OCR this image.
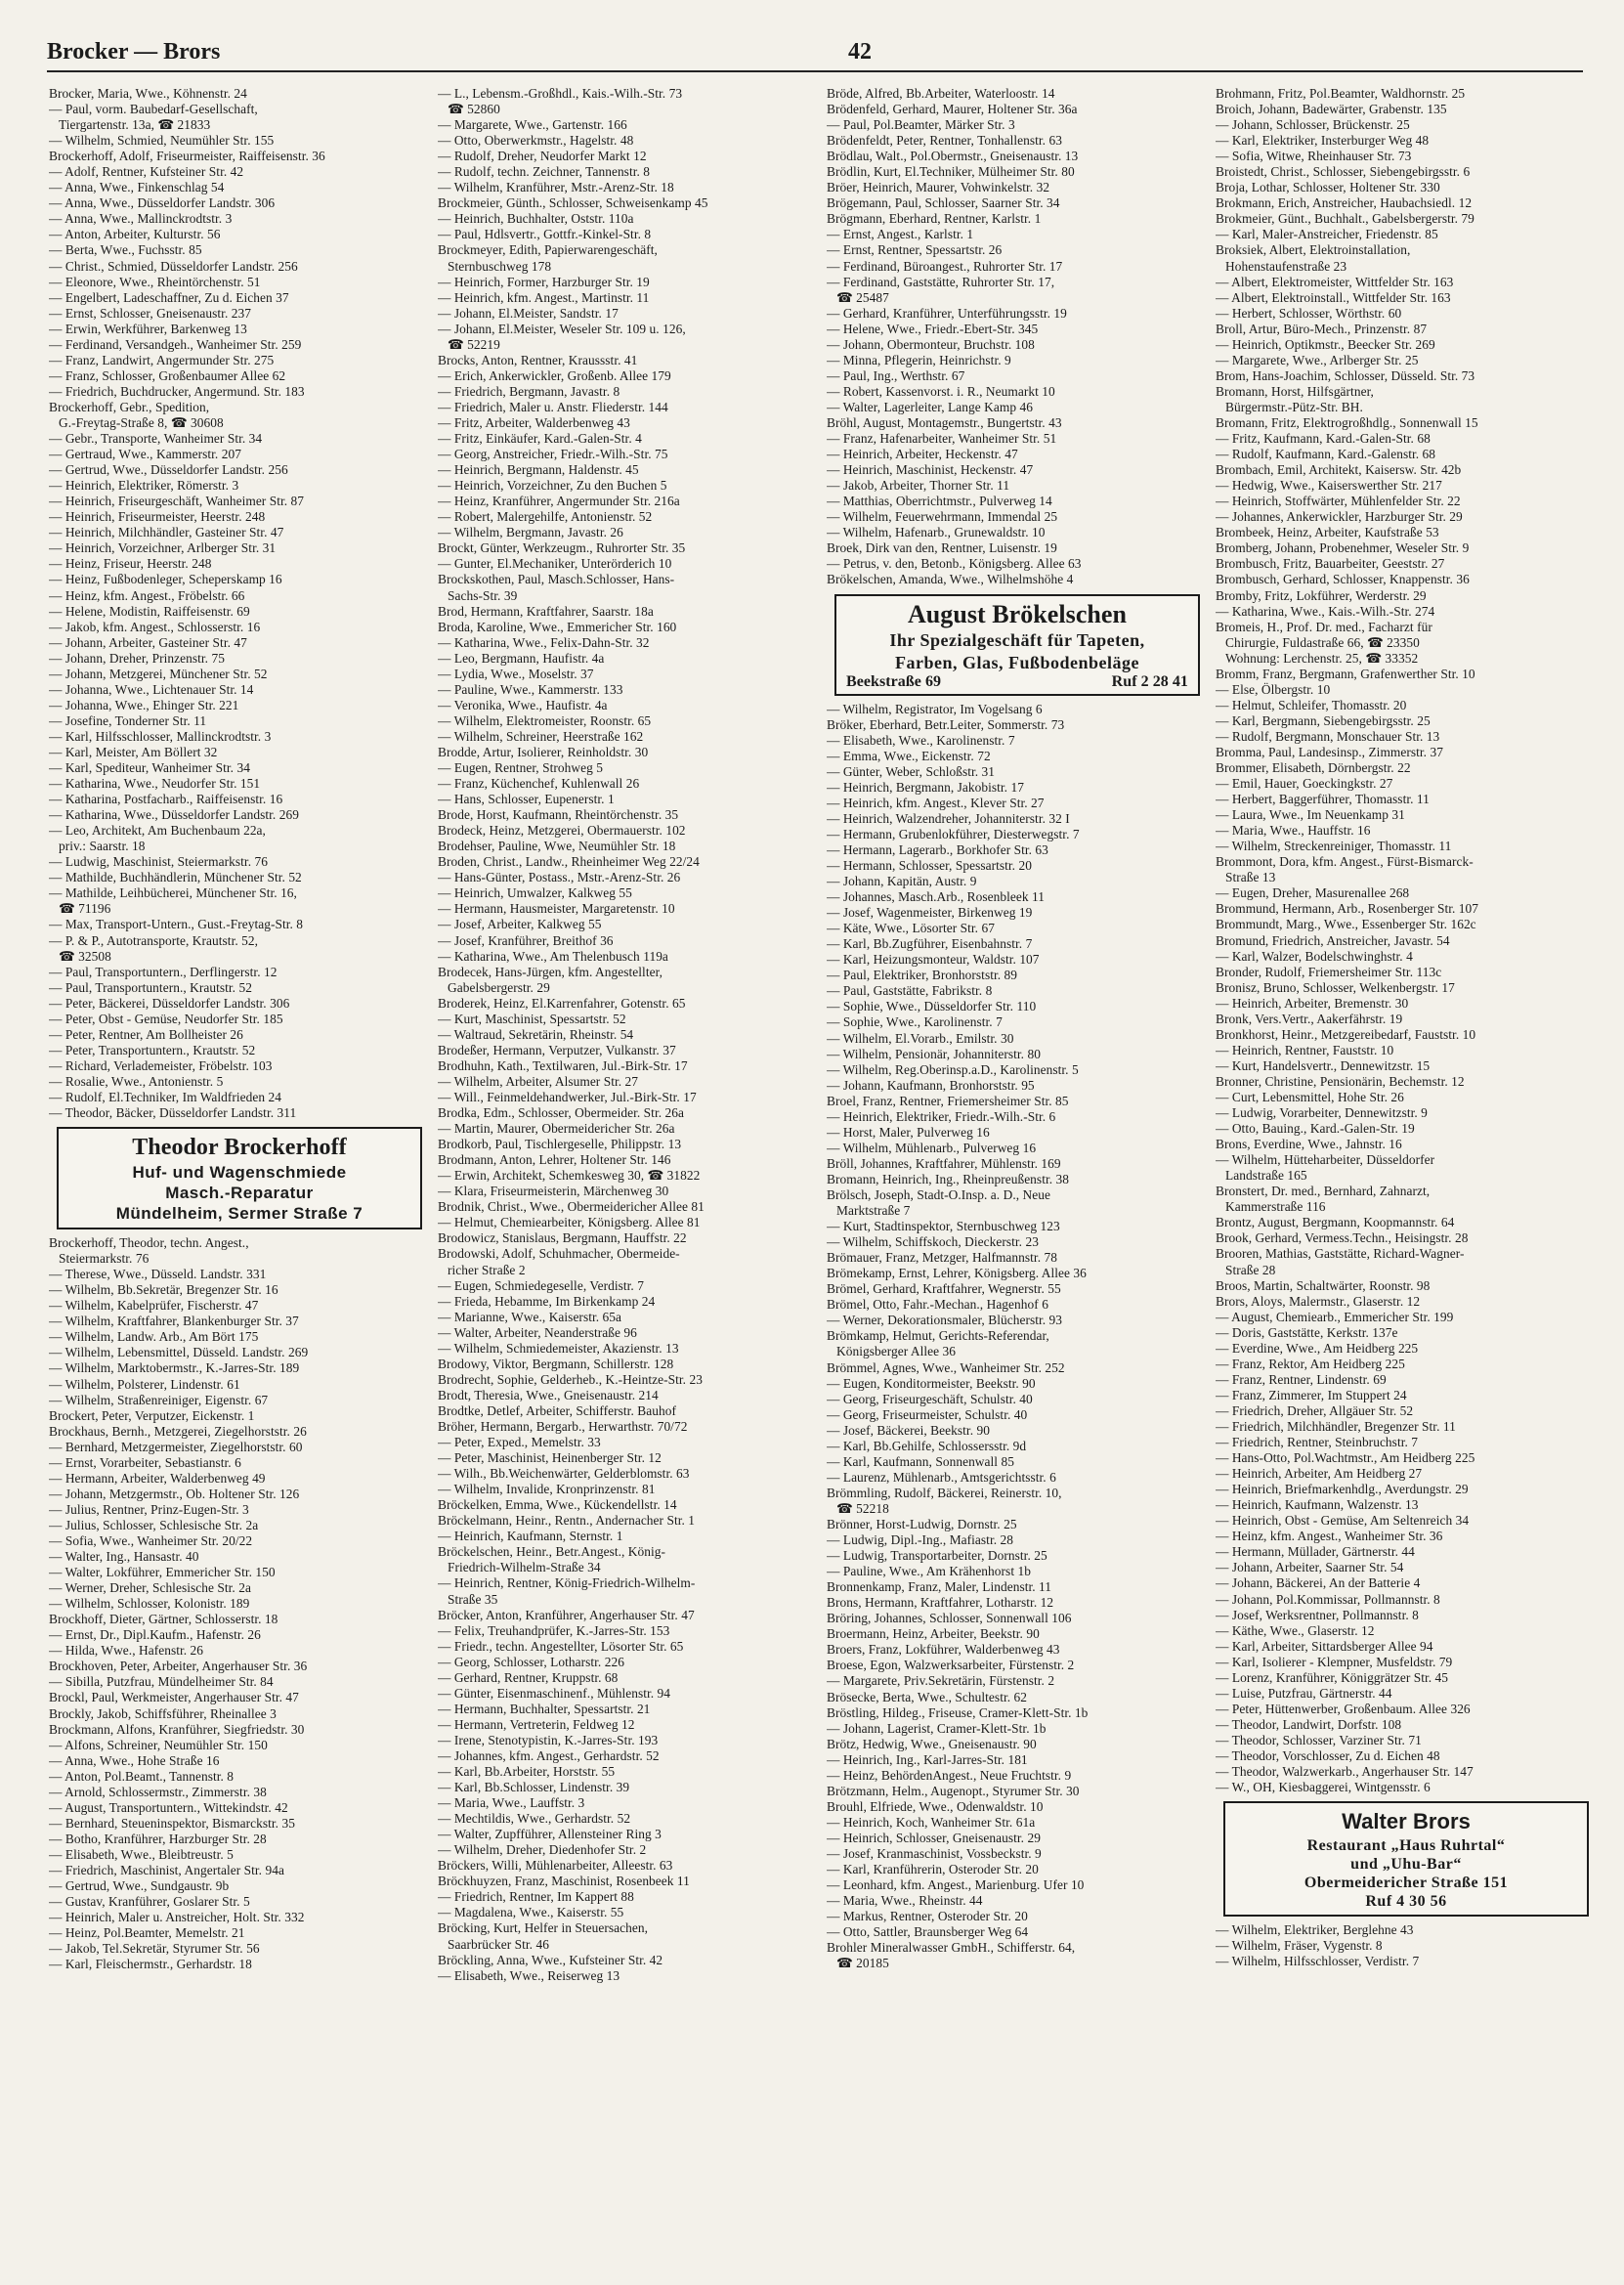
Brocker — Brors	42
Brocker, Maria, Wwe., Köhnenstr. 24
— Paul, vorm. Baubedarf-Gesellschaft,
Tiergartenstr. 13a, ☎ 21833
— Wilhelm, Schmied, Neumühler Str. 155
Brockerhoff, Adolf, Friseurmeister, Raiffeisenstr. 36
— Adolf, Rentner, Kufsteiner Str. 42
— Anna, Wwe., Finkenschlag 54
— Anna, Wwe., Düsseldorfer Landstr. 306
— Anna, Wwe., Mallinckrodtstr. 3
— Anton, Arbeiter, Kulturstr. 56
— Berta, Wwe., Fuchsstr. 85
— Christ., Schmied, Düsseldorfer Landstr. 256
— Eleonore, Wwe., Rheintörchenstr. 51
— Engelbert, Ladeschaffner, Zu d. Eichen 37
— Ernst, Schlosser, Gneisenaustr. 237
— Erwin, Werkführer, Barkenweg 13
— Ferdinand, Versandgeh., Wanheimer Str. 259
— Franz, Landwirt, Angermunder Str. 275
— Franz, Schlosser, Großenbaumer Allee 62
— Friedrich, Buchdrucker, Angermund. Str. 183
Brockerhoff, Gebr., Spedition,
G.-Freytag-Straße 8, ☎ 30608
— Gebr., Transporte, Wanheimer Str. 34
— Gertraud, Wwe., Kammerstr. 207
— Gertrud, Wwe., Düsseldorfer Landstr. 256
— Heinrich, Elektriker, Römerstr. 3
— Heinrich, Friseurgeschäft, Wanheimer Str. 87
— Heinrich, Friseurmeister, Heerstr. 248
— Heinrich, Milchhändler, Gasteiner Str. 47
— Heinrich, Vorzeichner, Arlberger Str. 31
— Heinz, Friseur, Heerstr. 248
— Heinz, Fußbodenleger, Scheperskamp 16
— Heinz, kfm. Angest., Fröbelstr. 66
— Helene, Modistin, Raiffeisenstr. 69
— Jakob, kfm. Angest., Schlosserstr. 16
— Johann, Arbeiter, Gasteiner Str. 47
— Johann, Dreher, Prinzenstr. 75
— Johann, Metzgerei, Münchener Str. 52
— Johanna, Wwe., Lichtenauer Str. 14
— Johanna, Wwe., Ehinger Str. 221
— Josefine, Tonderner Str. 11
— Karl, Hilfsschlosser, Mallinckrodtstr. 3
— Karl, Meister, Am Böllert 32
— Karl, Spediteur, Wanheimer Str. 34
— Katharina, Wwe., Neudorfer Str. 151
— Katharina, Postfacharb., Raiffeisenstr. 16
— Katharina, Wwe., Düsseldorfer Landstr. 269
— Leo, Architekt, Am Buchenbaum 22a,
priv.: Saarstr. 18
— Ludwig, Maschinist, Steiermarkstr. 76
— Mathilde, Buchhändlerin, Münchener Str. 52
— Mathilde, Leihbücherei, Münchener Str. 16,
☎ 71196
— Max, Transport-Untern., Gust.-Freytag-Str. 8
— P. & P., Autotransporte, Krautstr. 52,
☎ 32508
— Paul, Transportuntern., Derflingerstr. 12
— Paul, Transportuntern., Krautstr. 52
— Peter, Bäckerei, Düsseldorfer Landstr. 306
— Peter, Obst - Gemüse, Neudorfer Str. 185
— Peter, Rentner, Am Bollheister 26
— Peter, Transportuntern., Krautstr. 52
— Richard, Verlademeister, Fröbelstr. 103
— Rosalie, Wwe., Antonienstr. 5
— Rudolf, El.Techniker, Im Waldfrieden 24
— Theodor, Bäcker, Düsseldorfer Landstr. 311
Theodor Brockerhoff
Huf- und Wagenschmiede
Masch.-Reparatur
Mündelheim, Sermer Straße 7
Brockerhoff, Theodor, techn. Angest.,
Steiermarkstr. 76
— Therese, Wwe., Düsseld. Landstr. 331
— Wilhelm, Bb.Sekretär, Bregenzer Str. 16
— Wilhelm, Kabelprüfer, Fischerstr. 47
— Wilhelm, Kraftfahrer, Blankenburger Str. 37
— Wilhelm, Landw. Arb., Am Bört 175
— Wilhelm, Lebensmittel, Düsseld. Landstr. 269
— Wilhelm, Marktobermstr., K.-Jarres-Str. 189
— Wilhelm, Polsterer, Lindenstr. 61
— Wilhelm, Straßenreiniger, Eigenstr. 67
Brockert, Peter, Verputzer, Eickenstr. 1
Brockhaus, Bernh., Metzgerei, Ziegelhorststr. 26
— Bernhard, Metzgermeister, Ziegelhorststr. 60
— Ernst, Vorarbeiter, Sebastianstr. 6
— Hermann, Arbeiter, Walderbenweg 49
— Johann, Metzgermstr., Ob. Holtener Str. 126
— Julius, Rentner, Prinz-Eugen-Str. 3
— Julius, Schlosser, Schlesische Str. 2a
— Sofia, Wwe., Wanheimer Str. 20/22
— Walter, Ing., Hansastr. 40
— Walter, Lokführer, Emmericher Str. 150
— Werner, Dreher, Schlesische Str. 2a
— Wilhelm, Schlosser, Kolonistr. 189
Brockhoff, Dieter, Gärtner, Schlosserstr. 18
— Ernst, Dr., Dipl.Kaufm., Hafenstr. 26
— Hilda, Wwe., Hafenstr. 26
Brockhoven, Peter, Arbeiter, Angerhauser Str. 36
— Sibilla, Putzfrau, Mündelheimer Str. 84
Brockl, Paul, Werkmeister, Angerhauser Str. 47
Brockly, Jakob, Schiffsführer, Rheinallee 3
Brockmann, Alfons, Kranführer, Siegfriedstr. 30
— Alfons, Schreiner, Neumühler Str. 150
— Anna, Wwe., Hohe Straße 16
— Anton, Pol.Beamt., Tannenstr. 8
— Arnold, Schlossermstr., Zimmerstr. 38
— August, Transportuntern., Wittekindstr. 42
— Bernhard, Steueninspektor, Bismarckstr. 35
— Botho, Kranführer, Harzburger Str. 28
— Elisabeth, Wwe., Bleibtreustr. 5
— Friedrich, Maschinist, Angertaler Str. 94a
— Gertrud, Wwe., Sundgaustr. 9b
— Gustav, Kranführer, Goslarer Str. 5
— Heinrich, Maler u. Anstreicher, Holt. Str. 332
— Heinz, Pol.Beamter, Memelstr. 21
— Jakob, Tel.Sekretär, Styrumer Str. 56
— Karl, Fleischermstr., Gerhardstr. 18
— L., Lebensm.-Großhdl., Kais.-Wilh.-Str. 73
☎ 52860
— Margarete, Wwe., Gartenstr. 166
— Otto, Oberwerkmstr., Hagelstr. 48
— Rudolf, Dreher, Neudorfer Markt 12
— Rudolf, techn. Zeichner, Tannenstr. 8
— Wilhelm, Kranführer, Mstr.-Arenz-Str. 18
Brockmeier, Günth., Schlosser, Schweisenkamp 45
— Heinrich, Buchhalter, Oststr. 110a
— Paul, Hdlsvertr., Gottfr.-Kinkel-Str. 8
Brockmeyer, Edith, Papierwarengeschäft,
Sternbuschweg 178
— Heinrich, Former, Harzburger Str. 19
— Heinrich, kfm. Angest., Martinstr. 11
— Johann, El.Meister, Sandstr. 17
— Johann, El.Meister, Weseler Str. 109 u. 126,
☎ 52219
Brocks, Anton, Rentner, Kraussstr. 41
— Erich, Ankerwickler, Großenb. Allee 179
— Friedrich, Bergmann, Javastr. 8
— Friedrich, Maler u. Anstr. Fliederstr. 144
— Fritz, Arbeiter, Walderbenweg 43
— Fritz, Einkäufer, Kard.-Galen-Str. 4
— Georg, Anstreicher, Friedr.-Wilh.-Str. 75
— Heinrich, Bergmann, Haldenstr. 45
— Heinrich, Vorzeichner, Zu den Buchen 5
— Heinz, Kranführer, Angermunder Str. 216a
— Robert, Malergehilfe, Antonienstr. 52
— Wilhelm, Bergmann, Javastr. 26
Brockt, Günter, Werkzeugm., Ruhrorter Str. 35
— Gunter, El.Mechaniker, Unterörderich 10
Brockskothen, Paul, Masch.Schlosser, Hans-
Sachs-Str. 39
Brod, Hermann, Kraftfahrer, Saarstr. 18a
Broda, Karoline, Wwe., Emmericher Str. 160
— Katharina, Wwe., Felix-Dahn-Str. 32
— Leo, Bergmann, Haufistr. 4a
— Lydia, Wwe., Moselstr. 37
— Pauline, Wwe., Kammerstr. 133
— Veronika, Wwe., Haufistr. 4a
— Wilhelm, Elektromeister, Roonstr. 65
— Wilhelm, Schreiner, Heerstraße 162
Brodde, Artur, Isolierer, Reinholdstr. 30
— Eugen, Rentner, Strohweg 5
— Franz, Küchenchef, Kuhlenwall 26
— Hans, Schlosser, Eupenerstr. 1
Brode, Horst, Kaufmann, Rheintörchenstr. 35
Brodeck, Heinz, Metzgerei, Obermauerstr. 102
Brodehser, Pauline, Wwe, Neumühler Str. 18
Broden, Christ., Landw., Rheinheimer Weg 22/24
— Hans-Günter, Postass., Mstr.-Arenz-Str. 26
— Heinrich, Umwalzer, Kalkweg 55
— Hermann, Hausmeister, Margaretenstr. 10
— Josef, Arbeiter, Kalkweg 55
— Josef, Kranführer, Breithof 36
— Katharina, Wwe., Am Thelenbusch 119a
Brodecek, Hans-Jürgen, kfm. Angestellter,
Gabelsbergerstr. 29
Broderek, Heinz, El.Karrenfahrer, Gotenstr. 65
— Kurt, Maschinist, Spessartstr. 52
— Waltraud, Sekretärin, Rheinstr. 54
Brodeßer, Hermann, Verputzer, Vulkanstr. 37
Brodhuhn, Kath., Textilwaren, Jul.-Birk-Str. 17
— Wilhelm, Arbeiter, Alsumer Str. 27
— Will., Feinmeldehandwerker, Jul.-Birk-Str. 17
Brodka, Edm., Schlosser, Obermeider. Str. 26a
— Martin, Maurer, Obermeidericher Str. 26a
Brodkorb, Paul, Tischlergeselle, Philippstr. 13
Brodmann, Anton, Lehrer, Holtener Str. 146
— Erwin, Architekt, Schemkesweg 30, ☎ 31822
— Klara, Friseurmeisterin, Märchenweg 30
Brodnik, Christ., Wwe., Obermeidericher Allee 81
— Helmut, Chemiearbeiter, Königsberg. Allee 81
Brodowicz, Stanislaus, Bergmann, Hauffstr. 22
Brodowski, Adolf, Schuhmacher, Obermeide-
richer Straße 2
— Eugen, Schmiedegeselle, Verdistr. 7
— Frieda, Hebamme, Im Birkenkamp 24
— Marianne, Wwe., Kaiserstr. 65a
— Walter, Arbeiter, Neanderstraße 96
— Wilhelm, Schmiedemeister, Akazienstr. 13
Brodowy, Viktor, Bergmann, Schillerstr. 128
Brodrecht, Sophie, Gelderheb., K.-Heintze-Str. 23
Brodt, Theresia, Wwe., Gneisenaustr. 214
Brodtke, Detlef, Arbeiter, Schifferstr. Bauhof
Bröher, Hermann, Bergarb., Herwarthstr. 70/72
— Peter, Exped., Memelstr. 33
— Peter, Maschinist, Heinenberger Str. 12
— Wilh., Bb.Weichenwärter, Gelderblomstr. 63
— Wilhelm, Invalide, Kronprinzenstr. 81
Bröckelken, Emma, Wwe., Kückendellstr. 14
Bröckelmann, Heinr., Rentn., Andernacher Str. 1
— Heinrich, Kaufmann, Sternstr. 1
Bröckelschen, Heinr., Betr.Angest., König-
Friedrich-Wilhelm-Straße 34
— Heinrich, Rentner, König-Friedrich-Wilhelm-
Straße 35
Bröcker, Anton, Kranführer, Angerhauser Str. 47
— Felix, Treuhandprüfer, K.-Jarres-Str. 153
— Friedr., techn. Angestellter, Lösorter Str. 65
— Georg, Schlosser, Lotharstr. 226
— Gerhard, Rentner, Kruppstr. 68
— Günter, Eisenmaschinenf., Mühlenstr. 94
— Hermann, Buchhalter, Spessartstr. 21
— Hermann, Vertreterin, Feldweg 12
— Irene, Stenotypistin, K.-Jarres-Str. 193
— Johannes, kfm. Angest., Gerhardstr. 52
— Karl, Bb.Arbeiter, Horststr. 55
— Karl, Bb.Schlosser, Lindenstr. 39
— Maria, Wwe., Lauffstr. 3
— Mechtildis, Wwe., Gerhardstr. 52
— Walter, Zupfführer, Allensteiner Ring 3
— Wilhelm, Dreher, Diedenhofer Str. 2
Bröckers, Willi, Mühlenarbeiter, Alleestr. 63
Bröckhuyzen, Franz, Maschinist, Rosenbeek 11
— Friedrich, Rentner, Im Kappert 88
— Magdalena, Wwe., Kaiserstr. 55
Bröcking, Kurt, Helfer in Steuersachen,
Saarbrücker Str. 46
Bröckling, Anna, Wwe., Kufsteiner Str. 42
— Elisabeth, Wwe., Reiserweg 13
Bröde, Alfred, Bb.Arbeiter, Waterloostr. 14
Brödenfeld, Gerhard, Maurer, Holtener Str. 36a
— Paul, Pol.Beamter, Märker Str. 3
Brödenfeldt, Peter, Rentner, Tonhallenstr. 63
Brödlau, Walt., Pol.Obermstr., Gneisenaustr. 13
Brödlin, Kurt, El.Techniker, Mülheimer Str. 80
Bröer, Heinrich, Maurer, Vohwinkelstr. 32
Brögemann, Paul, Schlosser, Saarner Str. 34
Brögmann, Eberhard, Rentner, Karlstr. 1
— Ernst, Angest., Karlstr. 1
— Ernst, Rentner, Spessartstr. 26
— Ferdinand, Büroangest., Ruhrorter Str. 17
— Ferdinand, Gaststätte, Ruhrorter Str. 17,
☎ 25487
— Gerhard, Kranführer, Unterführungsstr. 19
— Helene, Wwe., Friedr.-Ebert-Str. 345
— Johann, Obermonteur, Bruchstr. 108
— Minna, Pflegerin, Heinrichstr. 9
— Paul, Ing., Werthstr. 67
— Robert, Kassenvorst. i. R., Neumarkt 10
— Walter, Lagerleiter, Lange Kamp 46
Bröhl, August, Montagemstr., Bungertstr. 43
— Franz, Hafenarbeiter, Wanheimer Str. 51
— Heinrich, Arbeiter, Heckenstr. 47
— Heinrich, Maschinist, Heckenstr. 47
— Jakob, Arbeiter, Thorner Str. 11
— Matthias, Oberrichtmstr., Pulverweg 14
— Wilhelm, Feuerwehrmann, Immendal 25
— Wilhelm, Hafenarb., Grunewaldstr. 10
Broek, Dirk van den, Rentner, Luisenstr. 19
— Petrus, v. den, Betonb., Königsberg. Allee 63
Brökelschen, Amanda, Wwe., Wilhelmshöhe 4
August Brökelschen
Ihr Spezialgeschäft für Tapeten,
Farben, Glas, Fußbodenbeläge
Beekstraße 69	Ruf 2 28 41
— Wilhelm, Registrator, Im Vogelsang 6
Bröker, Eberhard, Betr.Leiter, Sommerstr. 73
— Elisabeth, Wwe., Karolinenstr. 7
— Emma, Wwe., Eickenstr. 72
— Günter, Weber, Schloßstr. 31
— Heinrich, Bergmann, Jakobistr. 17
— Heinrich, kfm. Angest., Klever Str. 27
— Heinrich, Walzendreher, Johanniterstr. 32 I
— Hermann, Grubenlokführer, Diesterwegstr. 7
— Hermann, Lagerarb., Borkhofer Str. 63
— Hermann, Schlosser, Spessartstr. 20
— Johann, Kapitän, Austr. 9
— Johannes, Masch.Arb., Rosenbleek 11
— Josef, Wagenmeister, Birkenweg 19
— Käte, Wwe., Lösorter Str. 67
— Karl, Bb.Zugführer, Eisenbahnstr. 7
— Karl, Heizungsmonteur, Waldstr. 107
— Paul, Elektriker, Bronhorststr. 89
— Paul, Gaststätte, Fabrikstr. 8
— Sophie, Wwe., Düsseldorfer Str. 110
— Sophie, Wwe., Karolinenstr. 7
— Wilhelm, El.Vorarb., Emilstr. 30
— Wilhelm, Pensionär, Johanniterstr. 80
— Wilhelm, Reg.Oberinsp.a.D., Karolinenstr. 5
— Johann, Kaufmann, Bronhorststr. 95
Broel, Franz, Rentner, Friemersheimer Str. 85
— Heinrich, Elektriker, Friedr.-Wilh.-Str. 6
— Horst, Maler, Pulverweg 16
— Wilhelm, Mühlenarb., Pulverweg 16
Bröll, Johannes, Kraftfahrer, Mühlenstr. 169
Bromann, Heinrich, Ing., Rheinpreußenstr. 38
Brölsch, Joseph, Stadt-O.Insp. a. D., Neue
Marktstraße 7
— Kurt, Stadtinspektor, Sternbuschweg 123
— Wilhelm, Schiffskoch, Dieckerstr. 23
Brömauer, Franz, Metzger, Halfmannstr. 78
Brömekamp, Ernst, Lehrer, Königsberg. Allee 36
Brömel, Gerhard, Kraftfahrer, Wegnerstr. 55
Brömel, Otto, Fahr.-Mechan., Hagenhof 6
— Werner, Dekorationsmaler, Blücherstr. 93
Brömkamp, Helmut, Gerichts-Referendar,
Königsberger Allee 36
Brömmel, Agnes, Wwe., Wanheimer Str. 252
— Eugen, Konditormeister, Beekstr. 90
— Georg, Friseurgeschäft, Schulstr. 40
— Georg, Friseurmeister, Schulstr. 40
— Josef, Bäckerei, Beekstr. 90
— Karl, Bb.Gehilfe, Schlossersstr. 9d
— Karl, Kaufmann, Sonnenwall 85
— Laurenz, Mühlenarb., Amtsgerichtsstr. 6
Brömmling, Rudolf, Bäckerei, Reinerstr. 10,
☎ 52218
Brönner, Horst-Ludwig, Dornstr. 25
— Ludwig, Dipl.-Ing., Mafiastr. 28
— Ludwig, Transportarbeiter, Dornstr. 25
— Pauline, Wwe., Am Krähenhorst 1b
Bronnenkamp, Franz, Maler, Lindenstr. 11
Brons, Hermann, Kraftfahrer, Lotharstr. 12
Bröring, Johannes, Schlosser, Sonnenwall 106
Broermann, Heinz, Arbeiter, Beekstr. 90
Broers, Franz, Lokführer, Walderbenweg 43
Broese, Egon, Walzwerksarbeiter, Fürstenstr. 2
— Margarete, Priv.Sekretärin, Fürstenstr. 2
Brösecke, Berta, Wwe., Schultestr. 62
Bröstling, Hildeg., Friseuse, Cramer-Klett-Str. 1b
— Johann, Lagerist, Cramer-Klett-Str. 1b
Brötz, Hedwig, Wwe., Gneisenaustr. 90
— Heinrich, Ing., Karl-Jarres-Str. 181
— Heinz, BehördenAngest., Neue Fruchtstr. 9
Brötzmann, Helm., Augenopt., Styrumer Str. 30
Brouhl, Elfriede, Wwe., Odenwaldstr. 10
— Heinrich, Koch, Wanheimer Str. 61a
— Heinrich, Schlosser, Gneisenaustr. 29
— Josef, Kranmaschinist, Vossbeckstr. 9
— Karl, Kranführerin, Osteroder Str. 20
— Leonhard, kfm. Angest., Marienburg. Ufer 10
— Maria, Wwe., Rheinstr. 44
— Markus, Rentner, Osteroder Str. 20
— Otto, Sattler, Braunsberger Weg 64
Brohler Mineralwasser GmbH., Schifferstr. 64,
☎ 20185
Brohmann, Fritz, Pol.Beamter, Waldhornstr. 25
Broich, Johann, Badewärter, Grabenstr. 135
— Johann, Schlosser, Brückenstr. 25
— Karl, Elektriker, Insterburger Weg 48
— Sofia, Witwe, Rheinhauser Str. 73
Broistedt, Christ., Schlosser, Siebengebirgsstr. 6
Broja, Lothar, Schlosser, Holtener Str. 330
Brokmann, Erich, Anstreicher, Haubachsiedl. 12
Brokmeier, Günt., Buchhalt., Gabelsbergerstr. 79
— Karl, Maler-Anstreicher, Friedenstr. 85
Broksiek, Albert, Elektroinstallation,
Hohenstaufenstraße 23
— Albert, Elektromeister, Wittfelder Str. 163
— Albert, Elektroinstall., Wittfelder Str. 163
— Herbert, Schlosser, Wörthstr. 60
Broll, Artur, Büro-Mech., Prinzenstr. 87
— Heinrich, Optikmstr., Beecker Str. 269
— Margarete, Wwe., Arlberger Str. 25
Brom, Hans-Joachim, Schlosser, Düsseld. Str. 73
Bromann, Horst, Hilfsgärtner,
Bürgermstr.-Pütz-Str. BH.
Bromann, Fritz, Elektrogroßhdlg., Sonnenwall 15
— Fritz, Kaufmann, Kard.-Galen-Str. 68
— Rudolf, Kaufmann, Kard.-Galenstr. 68
Brombach, Emil, Architekt, Kaisersw. Str. 42b
— Hedwig, Wwe., Kaiserswerther Str. 217
— Heinrich, Stoffwärter, Mühlenfelder Str. 22
— Johannes, Ankerwickler, Harzburger Str. 29
Brombeek, Heinz, Arbeiter, Kaufstraße 53
Bromberg, Johann, Probenehmer, Weseler Str. 9
Brombusch, Fritz, Bauarbeiter, Geeststr. 27
Brombusch, Gerhard, Schlosser, Knappenstr. 36
Bromby, Fritz, Lokführer, Werderstr. 29
— Katharina, Wwe., Kais.-Wilh.-Str. 274
Bromeis, H., Prof. Dr. med., Facharzt für
Chirurgie, Fuldastraße 66, ☎ 23350
Wohnung: Lerchenstr. 25, ☎ 33352
Bromm, Franz, Bergmann, Grafenwerther Str. 10
— Else, Ölbergstr. 10
— Helmut, Schleifer, Thomasstr. 20
— Karl, Bergmann, Siebengebirgsstr. 25
— Rudolf, Bergmann, Monschauer Str. 13
Bromma, Paul, Landesinsp., Zimmerstr. 37
Brommer, Elisabeth, Dörnbergstr. 22
— Emil, Hauer, Goeckingkstr. 27
— Herbert, Baggerführer, Thomasstr. 11
— Laura, Wwe., Im Neuenkamp 31
— Maria, Wwe., Hauffstr. 16
— Wilhelm, Streckenreiniger, Thomasstr. 11
Brommont, Dora, kfm. Angest., Fürst-Bismarck-
Straße 13
— Eugen, Dreher, Masurenallee 268
Brommund, Hermann, Arb., Rosenberger Str. 107
Brommundt, Marg., Wwe., Essenberger Str. 162c
Bromund, Friedrich, Anstreicher, Javastr. 54
— Karl, Walzer, Bodelschwinghstr. 4
Bronder, Rudolf, Friemersheimer Str. 113c
Bronisz, Bruno, Schlosser, Welkenbergstr. 17
— Heinrich, Arbeiter, Bremenstr. 30
Bronk, Vers.Vertr., Aakerfährstr. 19
Bronkhorst, Heinr., Metzgereibedarf, Fauststr. 10
— Heinrich, Rentner, Fauststr. 10
— Kurt, Handelsvertr., Dennewitzstr. 15
Bronner, Christine, Pensionärin, Bechemstr. 12
— Curt, Lebensmittel, Hohe Str. 26
— Ludwig, Vorarbeiter, Dennewitzstr. 9
— Otto, Bauing., Kard.-Galen-Str. 19
Brons, Everdine, Wwe., Jahnstr. 16
— Wilhelm, Hütteharbeiter, Düsseldorfer
Landstraße 165
Bronstert, Dr. med., Bernhard, Zahnarzt,
Kammerstraße 116
Brontz, August, Bergmann, Koopmannstr. 64
Brook, Gerhard, Vermess.Techn., Heisingstr. 28
Brooren, Mathias, Gaststätte, Richard-Wagner-
Straße 28
Broos, Martin, Schaltwärter, Roonstr. 98
Brors, Aloys, Malermstr., Glaserstr. 12
— August, Chemiearb., Emmericher Str. 199
— Doris, Gaststätte, Kerkstr. 137e
— Everdine, Wwe., Am Heidberg 225
— Franz, Rektor, Am Heidberg 225
— Franz, Rentner, Lindenstr. 69
— Franz, Zimmerer, Im Stuppert 24
— Friedrich, Dreher, Allgäuer Str. 52
— Friedrich, Milchhändler, Bregenzer Str. 11
— Friedrich, Rentner, Steinbruchstr. 7
— Hans-Otto, Pol.Wachtmstr., Am Heidberg 225
— Heinrich, Arbeiter, Am Heidberg 27
— Heinrich, Briefmarkenhdlg., Averdungstr. 29
— Heinrich, Kaufmann, Walzenstr. 13
— Heinrich, Obst - Gemüse, Am Seltenreich 34
— Heinz, kfm. Angest., Wanheimer Str. 36
— Hermann, Müllader, Gärtnerstr. 44
— Johann, Arbeiter, Saarner Str. 54
— Johann, Bäckerei, An der Batterie 4
— Johann, Pol.Kommissar, Pollmannstr. 8
— Josef, Werksrentner, Pollmannstr. 8
— Käthe, Wwe., Glaserstr. 12
— Karl, Arbeiter, Sittardsberger Allee 94
— Karl, Isolierer - Klempner, Musfeldstr. 79
— Lorenz, Kranführer, Königgrätzer Str. 45
— Luise, Putzfrau, Gärtnerstr. 44
— Peter, Hüttenwerber, Großenbaum. Allee 326
— Theodor, Landwirt, Dorfstr. 108
— Theodor, Schlosser, Varziner Str. 71
— Theodor, Vorschlosser, Zu d. Eichen 48
— Theodor, Walzwerkarb., Angerhauser Str. 147
— W., OH, Kiesbaggerei, Wintgensstr. 6
Walter Brors
Restaurant „Haus Ruhrtal“
und „Uhu-Bar“
Obermeidericher Straße 151
Ruf 4 30 56
— Wilhelm, Elektriker, Berglehne 43
— Wilhelm, Fräser, Vygenstr. 8
— Wilhelm, Hilfsschlosser, Verdistr. 7
